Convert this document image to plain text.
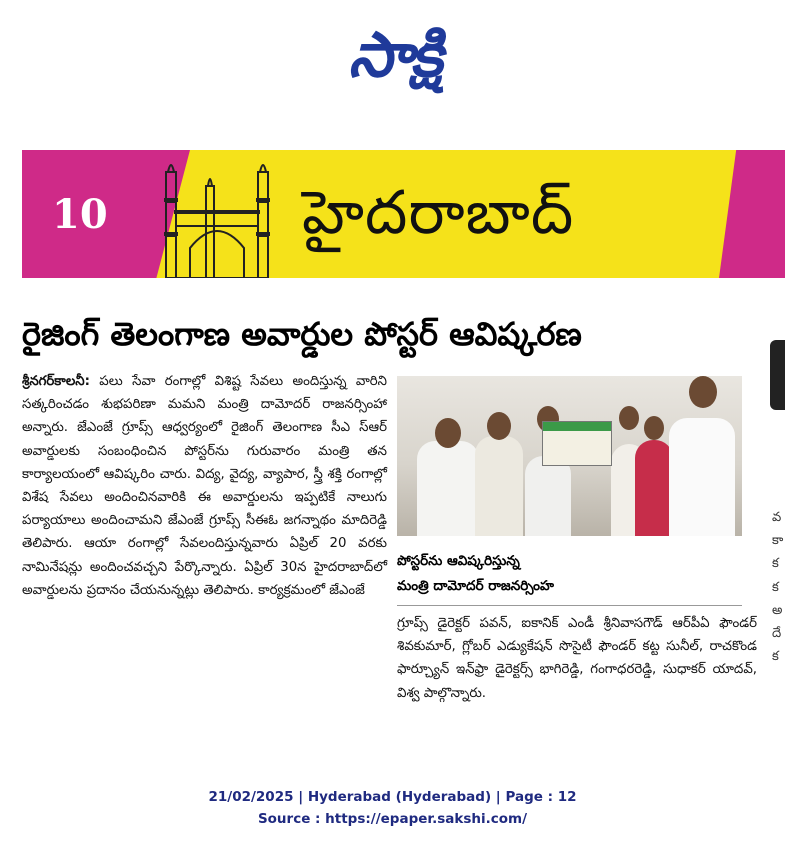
సాక్షి
10	హైదరాబాద్
రైజింగ్ తెలంగాణ అవార్డుల పోస్టర్ ఆవిష్కరణ
శ్రీనగర్‌కాలనీ: పలు సేవా రంగాల్లో విశిష్ట సేవలు అందిస్తున్న వారిని సత్కరించడం శుభపరిణా మమని మంత్రి దామోదర్ రాజనర్సింహా అన్నారు. జేఎంజే గ్రూప్స్ ఆధ్వర్యంలో రైజింగ్ తెలంగాణ సీఎ స్ఆర్ అవార్డులకు సంబంధించిన పోస్టర్‌ను గురువారం మంత్రి తన కార్యాలయంలో ఆవిష్కరిం చారు. విద్య, వైద్య, వ్యాపార, స్త్రీ శక్తి రంగాల్లో విశేష సేవలు అందించినవారికి ఈ అవార్డులను ఇప్పటికే నాలుగు పర్యాయాలు అందించామని జేఎంజే గ్రూప్స్ సీఈఓ జగన్నాథం మాదిరెడ్డి తెలిపారు. ఆయా రంగాల్లో సేవలందిస్తున్నవారు ఏప్రిల్ 20 వరకు నామినేషన్లు అందించవచ్చని పేర్కొన్నారు. ఏప్రిల్ 30న హైదరాబాద్‌లో అవార్డులను ప్రదానం చేయనున్నట్లు తెలిపారు. కార్యక్రమంలో జేఎంజే
పోస్టర్‌ను ఆవిష్కరిస్తున్న
మంత్రి దామోదర్ రాజనర్సింహ
గ్రూప్స్ డైరెక్టర్ పవన్, ఐకానిక్ ఎండీ శ్రీనివాసగౌడ్ ఆర్‌పీఏ ఫౌండర్ శివకుమార్, గ్లోబర్ ఎడ్యుకేషన్ సొసైటీ ఫౌండర్ కట్ట సునీల్, రాచకొండ ఫార్చ్యూన్ ఇన్‌ఫ్రా డైరెక్టర్స్ భాగిరెడ్డి, గంగాధరరెడ్డి, సుధాకర్ యాదవ్, విశ్వ పాల్గొన్నారు.
వ కా క క అ దే క
21/02/2025 | Hyderabad (Hyderabad) | Page : 12
Source : https://epaper.sakshi.com/
